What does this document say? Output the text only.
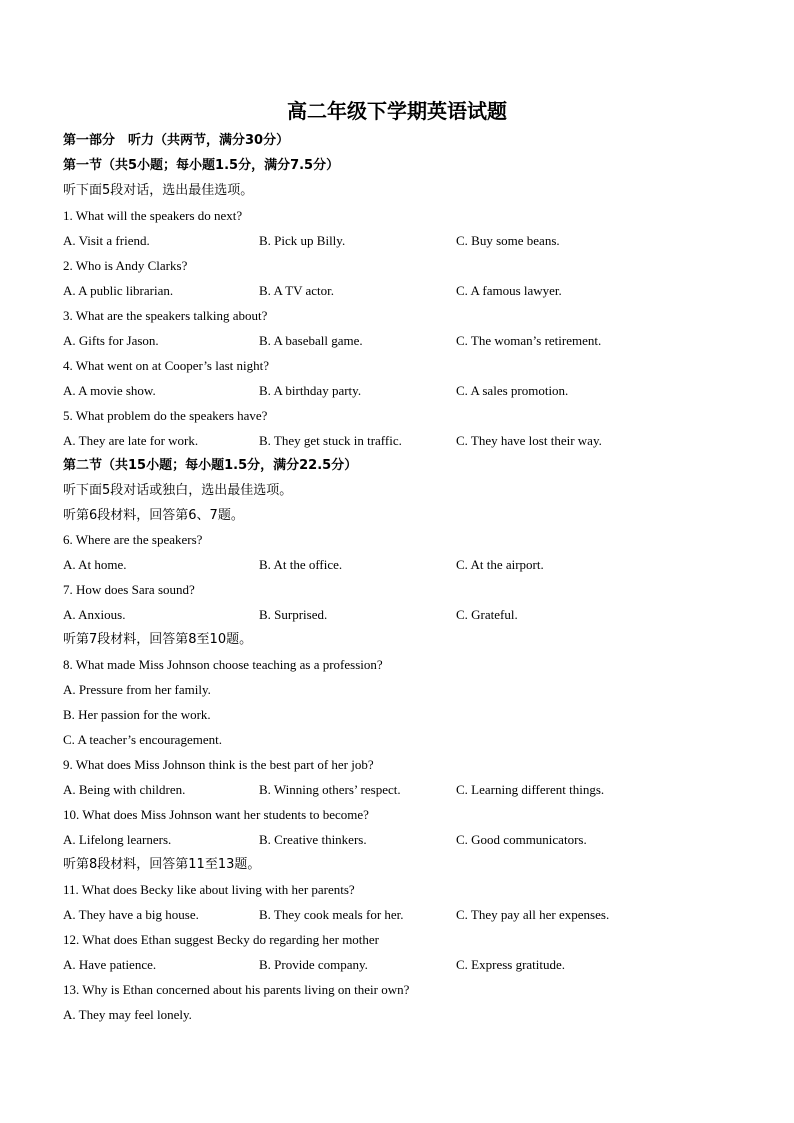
高二年级下学期英语试题
第一部分　听力（共两节，满分30分）
第一节（共5小题；每小题1.5分，满分7.5分）
听下面5段对话，选出最佳选项。
1. What will the speakers do next?
A. Visit a friend.	B. Pick up Billy.	C. Buy some beans.
2. Who is Andy Clarks?
A. A public librarian.	B. A TV actor.	C. A famous lawyer.
3. What are the speakers talking about?
A. Gifts for Jason.	B. A baseball game.	C. The woman’s retirement.
4. What went on at Cooper’s last night?
A. A movie show.	B. A birthday party.	C. A sales promotion.
5. What problem do the speakers have?
A. They are late for work.	B. They get stuck in traffic.	C. They have lost their way.
第二节（共15小题；每小题1.5分，满分22.5分）
听下面5段对话或独白，选出最佳选项。
听第6段材料，回答第6、7题。
6. Where are the speakers?
A. At home.	B. At the office.	C. At the airport.
7. How does Sara sound?
A. Anxious.	B. Surprised.	C. Grateful.
听第7段材料，回答第8至10题。
8. What made Miss Johnson choose teaching as a profession?
A. Pressure from her family.
B. Her passion for the work.
C. A teacher’s encouragement.
9. What does Miss Johnson think is the best part of her job?
A. Being with children.	B. Winning others’ respect.	C. Learning different things.
10. What does Miss Johnson want her students to become?
A. Lifelong learners.	B. Creative thinkers.	C. Good communicators.
听第8段材料，回答第11至13题。
11. What does Becky like about living with her parents?
A. They have a big house.	B. They cook meals for her.	C. They pay all her expenses.
12. What does Ethan suggest Becky do regarding her mother
A. Have patience.	B. Provide company.	C. Express gratitude.
13. Why is Ethan concerned about his parents living on their own?
A. They may feel lonely.
